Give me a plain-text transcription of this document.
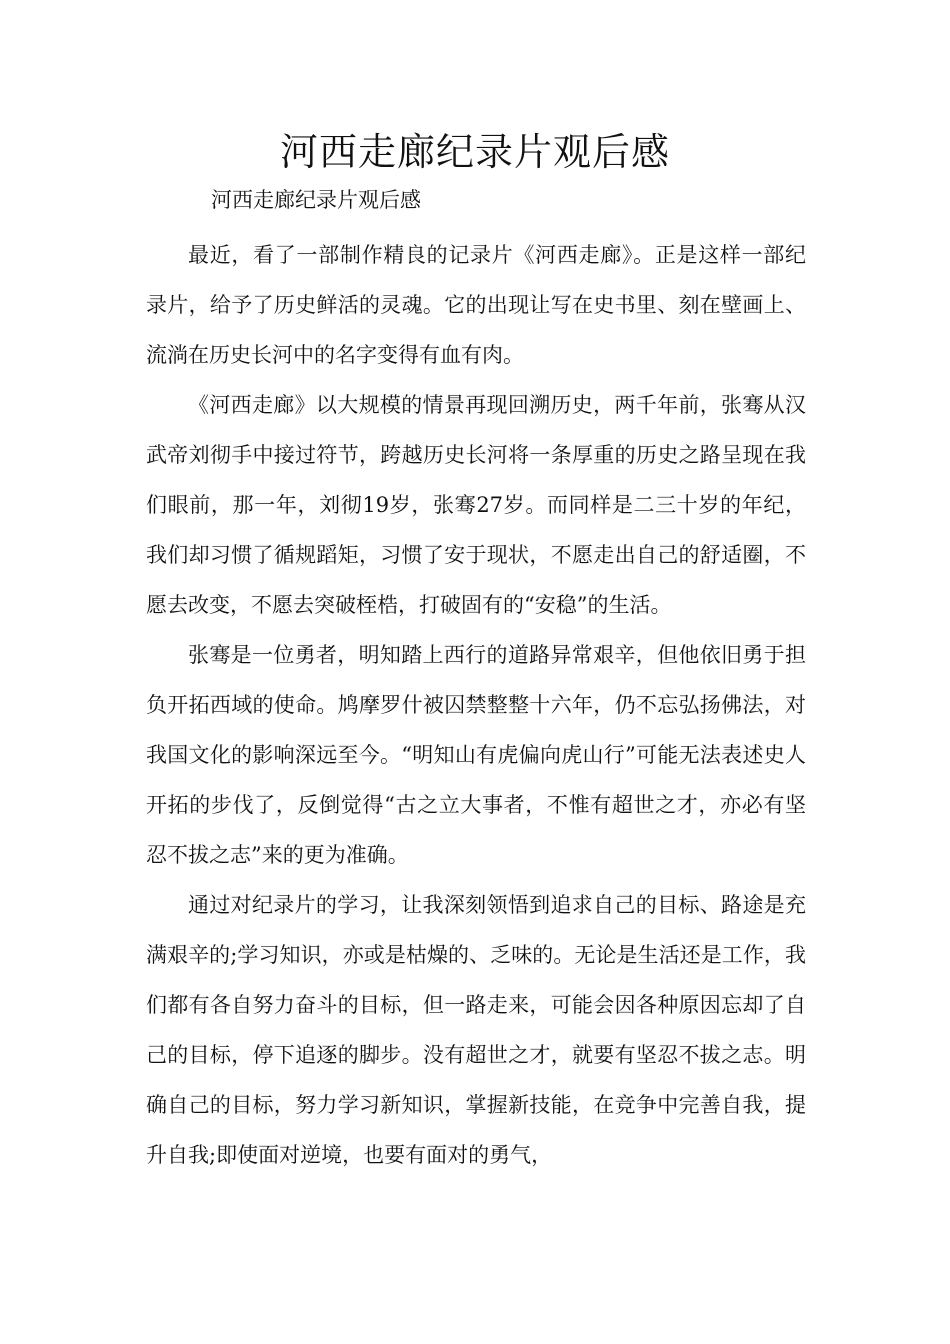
河西走廊纪录片观后感

河西走廊纪录片观后感

最近，看了一部制作精良的记录片《河西走廊》。正是这样一部纪录片，给予了历史鲜活的灵魂。它的出现让写在史书里、刻在壁画上、流淌在历史长河中的名字变得有血有肉。

《河西走廊》以大规模的情景再现回溯历史，两千年前，张骞从汉武帝刘彻手中接过符节，跨越历史长河将一条厚重的历史之路呈现在我们眼前，那一年，刘彻19岁，张骞27岁。而同样是二三十岁的年纪，我们却习惯了循规蹈矩，习惯了安于现状，不愿走出自己的舒适圈，不愿去改变，不愿去突破桎梏，打破固有的“安稳”的生活。

张骞是一位勇者，明知踏上西行的道路异常艰辛，但他依旧勇于担负开拓西域的使命。鸠摩罗什被囚禁整整十六年，仍不忘弘扬佛法，对我国文化的影响深远至今。“明知山有虎偏向虎山行”可能无法表述史人开拓的步伐了，反倒觉得“古之立大事者，不惟有超世之才，亦必有坚忍不拔之志”来的更为准确。

通过对纪录片的学习，让我深刻领悟到追求自己的目标、路途是充满艰辛的;学习知识，亦或是枯燥的、乏味的。无论是生活还是工作，我们都有各自努力奋斗的目标，但一路走来，可能会因各种原因忘却了自己的目标，停下追逐的脚步。没有超世之才，就要有坚忍不拔之志。明确自己的目标，努力学习新知识，掌握新技能，在竞争中完善自我，提升自我;即使面对逆境，也要有面对的勇气，
